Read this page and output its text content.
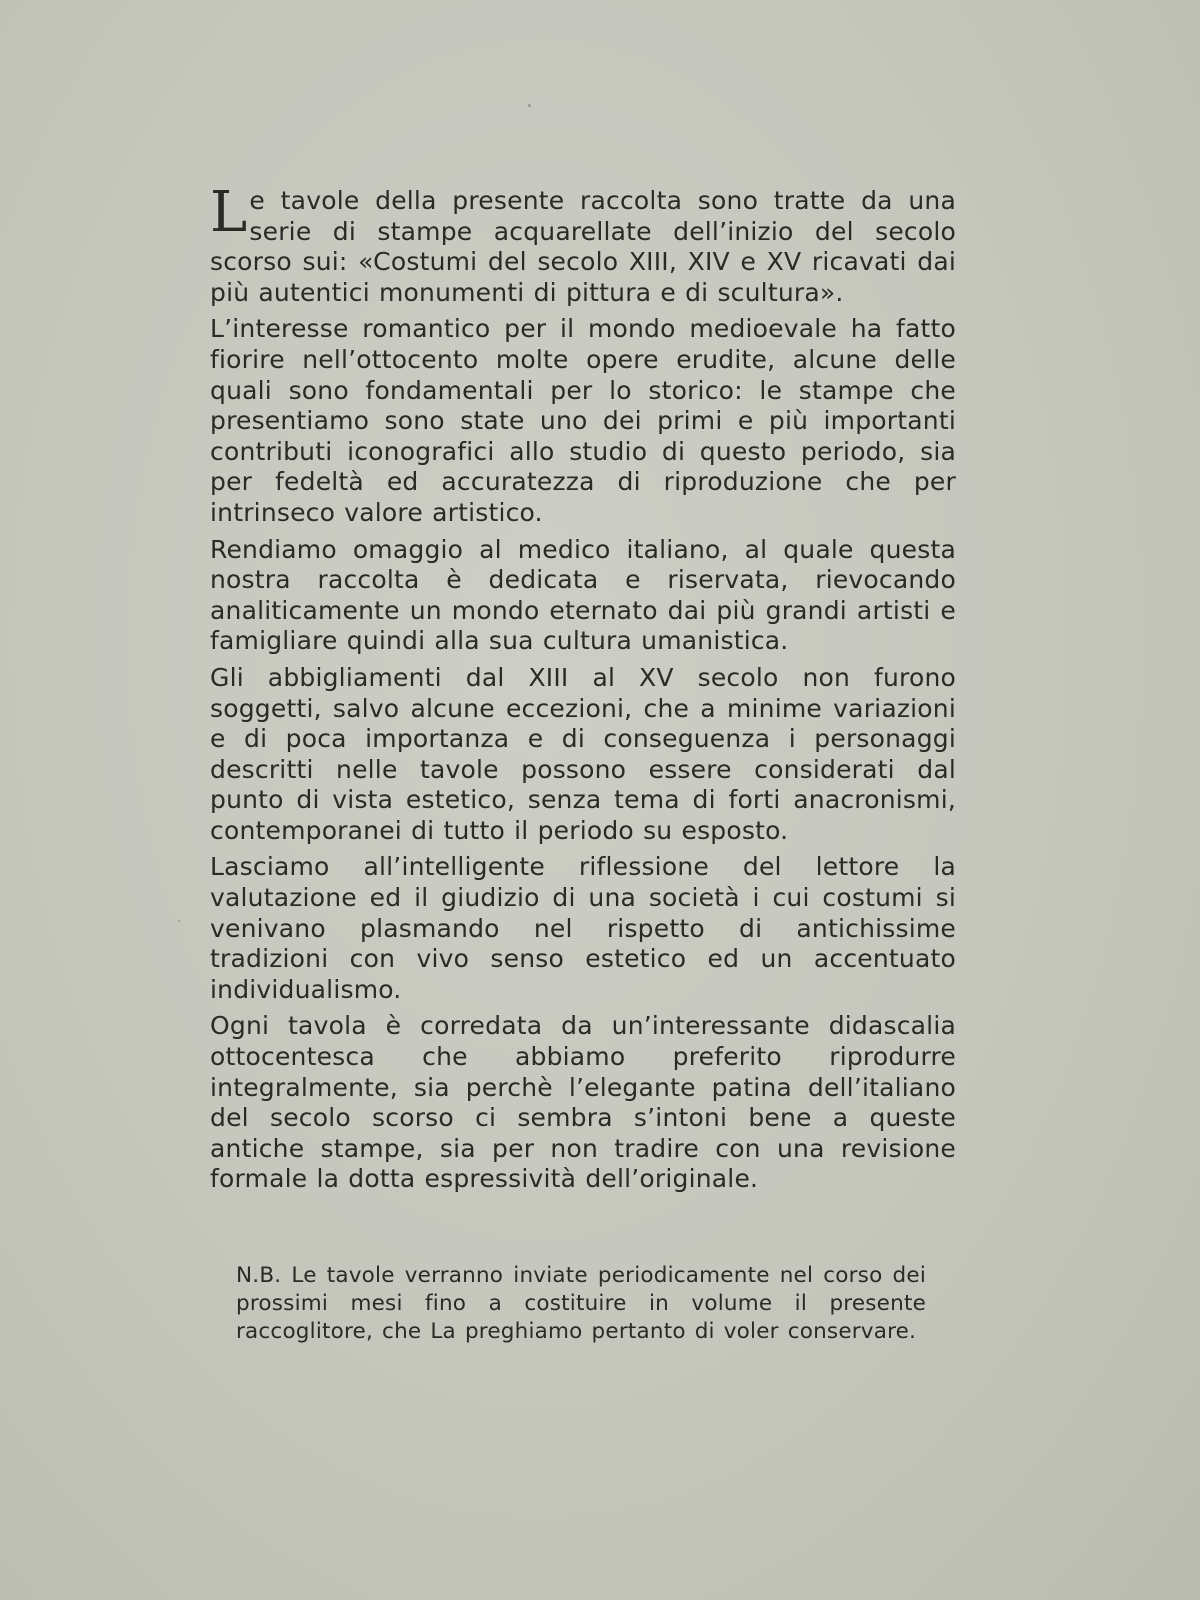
Le tavole della presente raccolta sono tratte da una serie di stampe acquarellate dell’inizio del secolo scorso sui: «Costumi del secolo XIII, XIV e XV ricavati dai più autentici monumenti di pittura e di scultura».

L’interesse romantico per il mondo medioevale ha fatto fiorire nell’ottocento molte opere erudite, alcune delle quali sono fondamentali per lo storico: le stampe che presentiamo sono state uno dei primi e più importanti contributi iconografici allo studio di questo periodo, sia per fedeltà ed accuratezza di riproduzione che per intrinseco valore artistico.

Rendiamo omaggio al medico italiano, al quale questa nostra raccolta è dedicata e riservata, rievocando analiticamente un mondo eternato dai più grandi artisti e famigliare quindi alla sua cultura umanistica.

Gli abbigliamenti dal XIII al XV secolo non furono soggetti, salvo alcune eccezioni, che a minime variazioni e di poca importanza e di conseguenza i personaggi descritti nelle tavole possono essere considerati dal punto di vista estetico, senza tema di forti anacronismi, contemporanei di tutto il periodo su esposto.

Lasciamo all’intelligente riflessione del lettore la valutazione ed il giudizio di una società i cui costumi si venivano plasmando nel rispetto di antichissime tradizioni con vivo senso estetico ed un accentuato individualismo.

Ogni tavola è corredata da un’interessante didascalia ottocentesca che abbiamo preferito riprodurre integralmente, sia perchè l’elegante patina dell’italiano del secolo scorso ci sembra s’intoni bene a queste antiche stampe, sia per non tradire con una revisione formale la dotta espressività dell’originale.

N.B. Le tavole verranno inviate periodicamente nel corso dei prossimi mesi fino a costituire in volume il presente raccoglitore, che La preghiamo pertanto di voler conservare.
